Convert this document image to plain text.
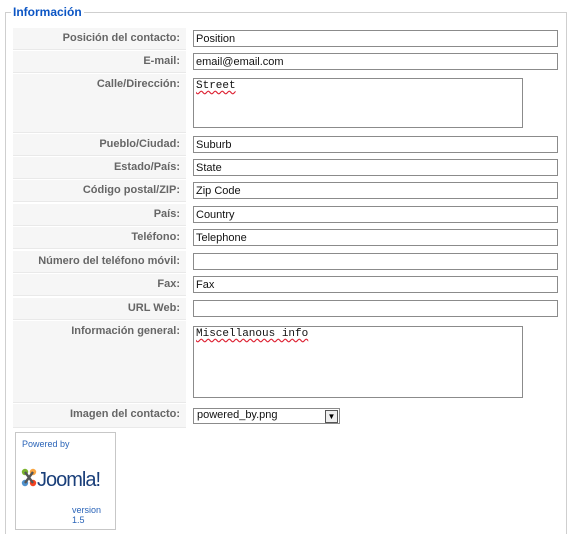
Información
Posición del contacto:
Position
E-mail:
email@email.com
Calle/Dirección:
Street
Pueblo/Ciudad:
Suburb
Estado/País:
State
Código postal/ZIP:
Zip Code
País:
Country
Teléfono:
Telephone
Número del teléfono móvil:
Fax:
Fax
URL Web:
Información general:
Miscellanous info
Imagen del contacto:	powered_by.png	▼
Powered by
Joomla!
version 1.5
